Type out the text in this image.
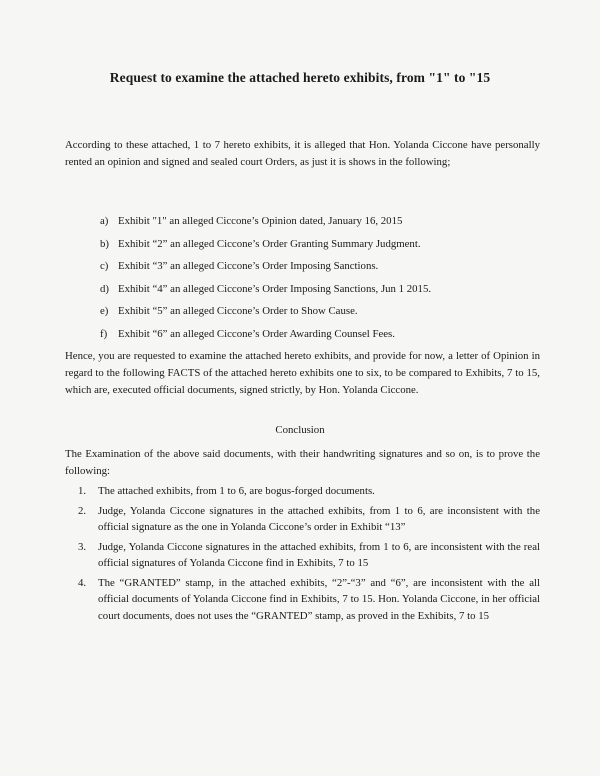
Request to examine the attached hereto exhibits, from "1" to "15

According to these attached, 1 to 7 hereto exhibits, it is alleged that Hon. Yolanda Ciccone have personally rented an opinion and signed and sealed court Orders, as just it is shows in the following;

a) Exhibit "1" an alleged Ciccone’s Opinion dated, January 16, 2015
b) Exhibit “2” an alleged Ciccone’s Order Granting Summary Judgment.
c) Exhibit “3” an alleged Ciccone’s Order Imposing Sanctions.
d) Exhibit “4” an alleged Ciccone’s Order Imposing Sanctions, Jun 1 2015.
e) Exhibit “5” an alleged Ciccone’s Order to Show Cause.
f) Exhibit “6” an alleged Ciccone’s Order Awarding Counsel Fees.

Hence, you are requested to examine the attached hereto exhibits, and provide for now, a letter of Opinion in regard to the following FACTS of the attached hereto exhibits one to six, to be compared to Exhibits, 7 to 15, which are, executed official documents, signed strictly, by Hon. Yolanda Ciccone.

Conclusion

The Examination of the above said documents, with their handwriting signatures and so on, is to prove the following:

1. The attached exhibits, from 1 to 6, are bogus-forged documents.
2. Judge, Yolanda Ciccone signatures in the attached exhibits, from 1 to 6, are inconsistent with the official signature as the one in Yolanda Ciccone’s order in Exhibit “13”
3. Judge, Yolanda Ciccone signatures in the attached exhibits, from 1 to 6, are inconsistent with the real official signatures of Yolanda Ciccone find in Exhibits, 7 to 15
4. The “GRANTED” stamp, in the attached exhibits, “2”-“3” and “6”, are inconsistent with the all official documents of Yolanda Ciccone find in Exhibits, 7 to 15. Hon. Yolanda Ciccone, in her official court documents, does not uses the “GRANTED” stamp, as proved in the Exhibits, 7 to 15
